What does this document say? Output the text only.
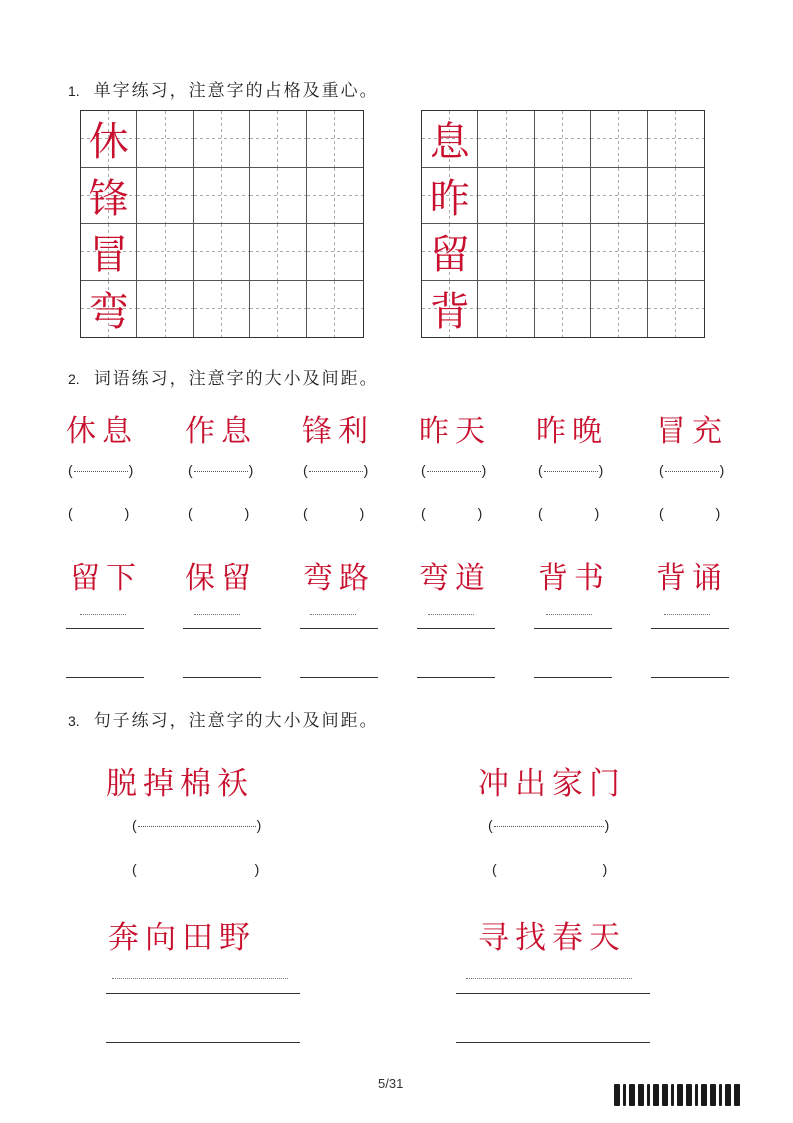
1. 单字练习，注意字的占格及重心。
休
锋
冒
弯
息
昨
留
背
2. 词语练习，注意字的大小及间距。
休息 作息 锋利 昨天 昨晚 冒充
(	)	(	)	(	)	(	)	(	)	(	)
(	)	(	)	(	)	(	)	(	)	(	)
留下 保留 弯路 弯道 背书 背诵
3. 句子练习，注意字的大小及间距。
脱掉棉袄	冲出家门
(	)	(	)
(	)	(	)
奔向田野	寻找春天
5/31
